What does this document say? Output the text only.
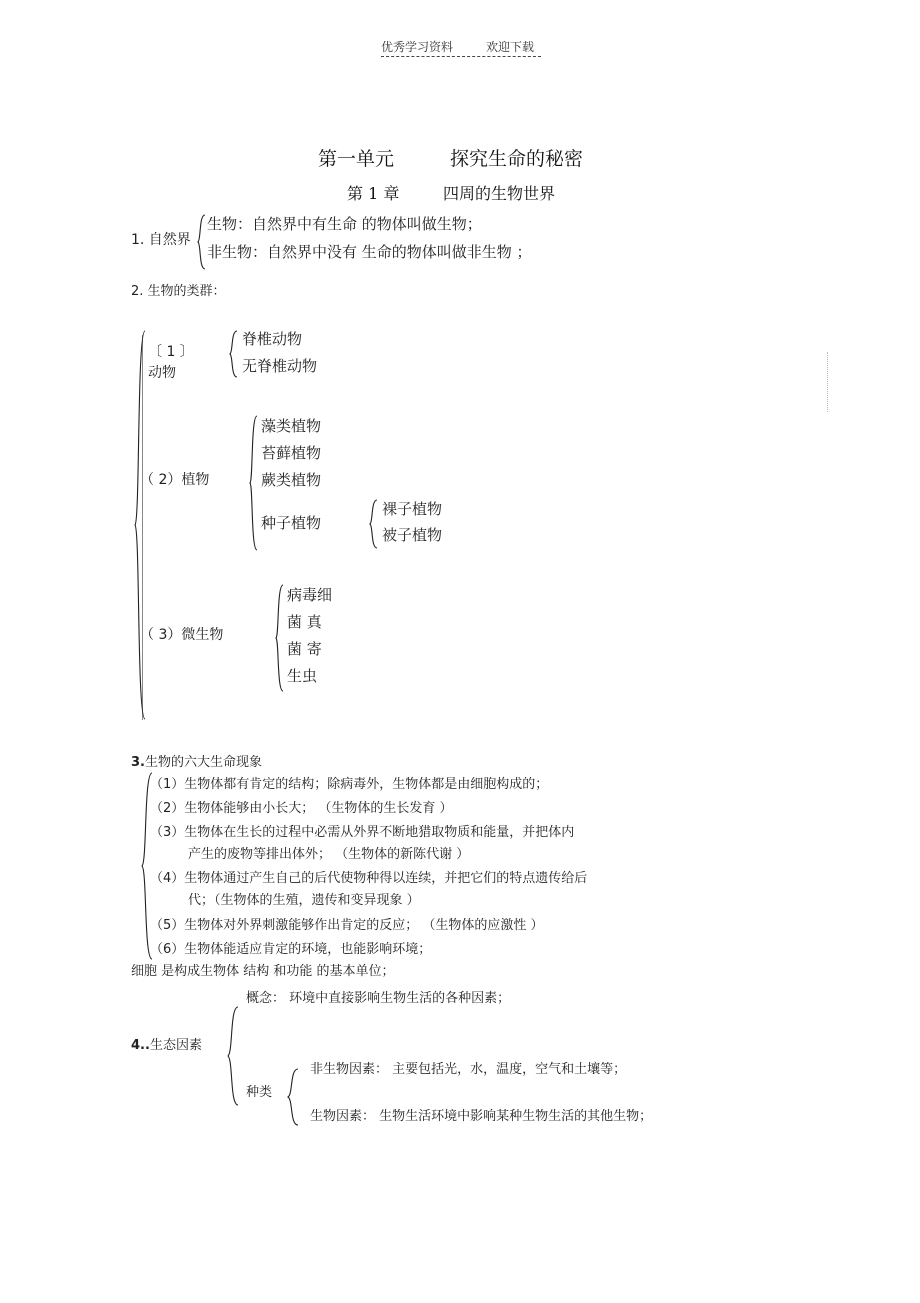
优秀学习资料	欢迎下载
第一单元	探究生命的秘密
第 1 章	四周的生物世界
1. 自然界
生物：自然界中有生命 的物体叫做生物；
非生物：自然界中没有 生命的物体叫做非生物 ；
2. 生物的类群：
〔 1 〕
动物
脊椎动物
无脊椎动物
（ 2）植物
藻类植物
苔藓植物
蕨类植物
种子植物
裸子植物
被子植物
（ 3）微生物
病毒细
菌 真
菌 寄
生虫
3.生物的六大生命现象
（1）生物体都有肯定的结构；除病毒外，生物体都是由细胞构成的；
（2）生物体能够由小长大； （生物体的生长发育 ）
（3）生物体在生长的过程中必需从外界不断地猎取物质和能量，并把体内
产生的废物等排出体外； （生物体的新陈代谢 ）
（4）生物体通过产生自己的后代使物种得以连续，并把它们的特点遗传给后
代；（生物体的生殖，遗传和变异现象 ）
（5）生物体对外界刺激能够作出肯定的反应； （生物体的应激性 ）
（6）生物体能适应肯定的环境，也能影响环境；
细胞 是构成生物体 结构 和功能 的基本单位；
概念： 环境中直接影响生物生活的各种因素；
4..生态因素
种类
非生物因素： 主要包括光，水，温度，空气和土壤等；
生物因素： 生物生活环境中影响某种生物生活的其他生物；
